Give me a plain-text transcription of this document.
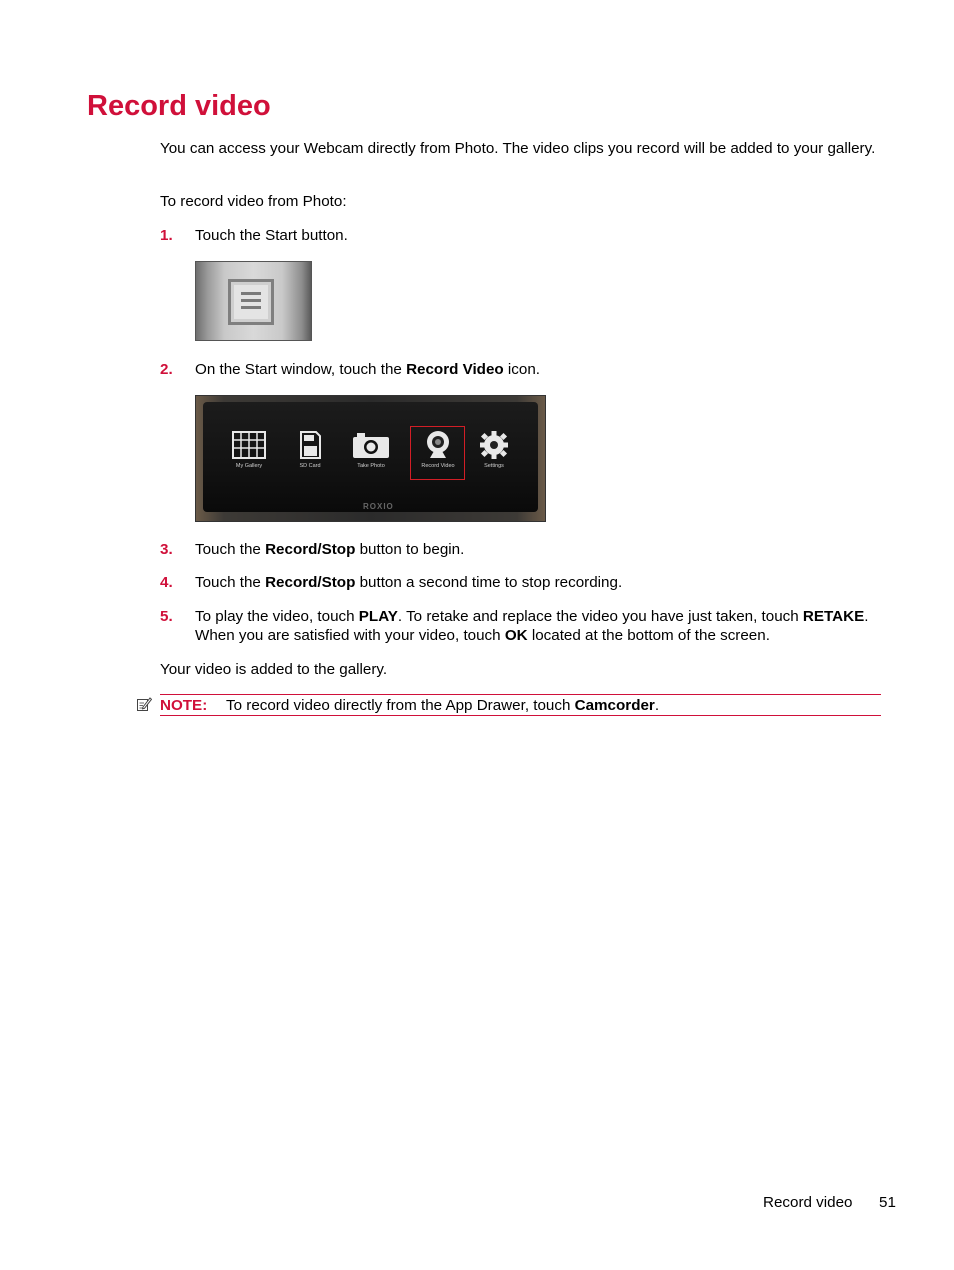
Record video

You can access your Webcam directly from Photo. The video clips you record will be added to your gallery.

To record video from Photo:

1. Touch the Start button.
2. On the Start window, touch the Record Video icon.
My Gallery	SD Card	Take Photo	Record Video	Settings
ROXIO
3. Touch the Record/Stop button to begin.
4. Touch the Record/Stop button a second time to stop recording.
5. To play the video, touch PLAY. To retake and replace the video you have just taken, touch RETAKE. When you are satisfied with your video, touch OK located at the bottom of the screen.

Your video is added to the gallery.

NOTE: To record video directly from the App Drawer, touch Camcorder.
Record video 51
